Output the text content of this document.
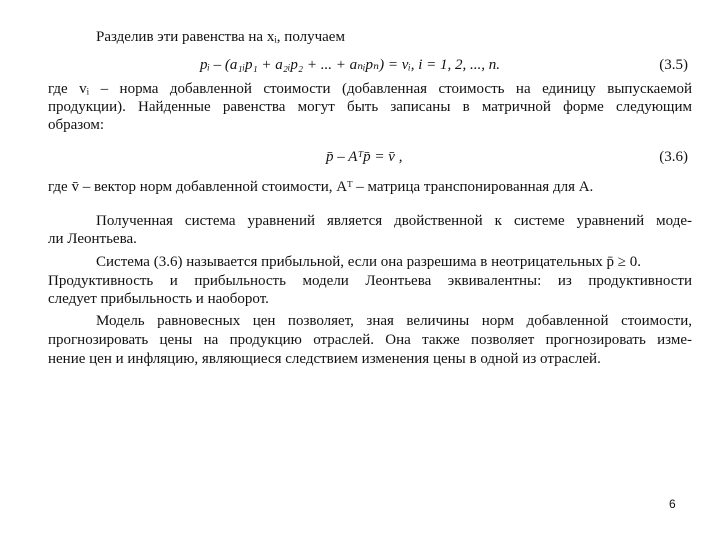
Разделив эти равенства на xᵢ, получаем
pᵢ – (a₁ᵢp₁ + a₂ᵢp₂ + ... + aₙᵢpₙ) = vᵢ, i = 1, 2, ..., n.	(3.5)
где vᵢ – норма добавленной стоимости (добавленная стоимость на единицу выпускаемой
продукции). Найденные равенства могут быть записаны в матричной форме следующим
образом:
p̄ – Aᵀp̄ = v̄ ,	(3.6)
где v̄ – вектор норм добавленной стоимости, Aᵀ – матрица транспонированная для A.
Полученная система уравнений является двойственной к системе уравнений моде-
ли Леонтьева.
Система (3.6) называется прибыльной, если она разрешима в неотрицательных p̄ ≥ 0.
Продуктивность и прибыльность модели Леонтьева эквивалентны: из продуктивности
следует прибыльность и наоборот.
Модель равновесных цен позволяет, зная величины норм добавленной стоимости,
прогнозировать цены на продукцию отраслей. Она также позволяет прогнозировать изме-
нение цен и инфляцию, являющиеся следствием изменения цены в одной из отраслей.
6
